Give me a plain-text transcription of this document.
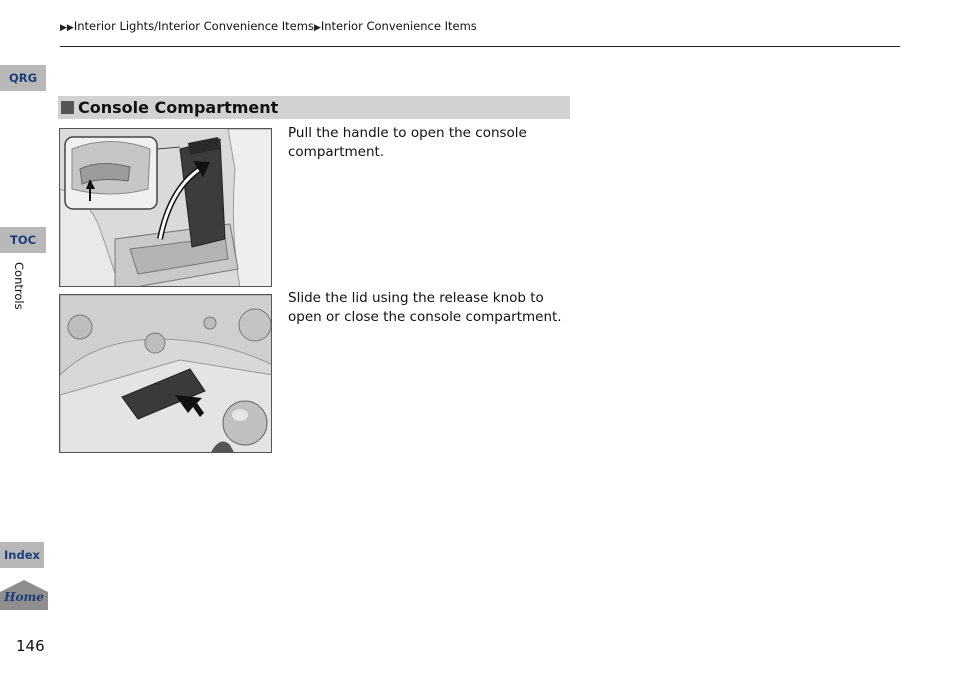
▶▶Interior Lights/Interior Convenience Items▶Interior Convenience Items
QRG
TOC
Controls
Index
Home
146
Console Compartment
Pull the handle to open the console compartment.
Slide the lid using the release knob to open or close the console compartment.
